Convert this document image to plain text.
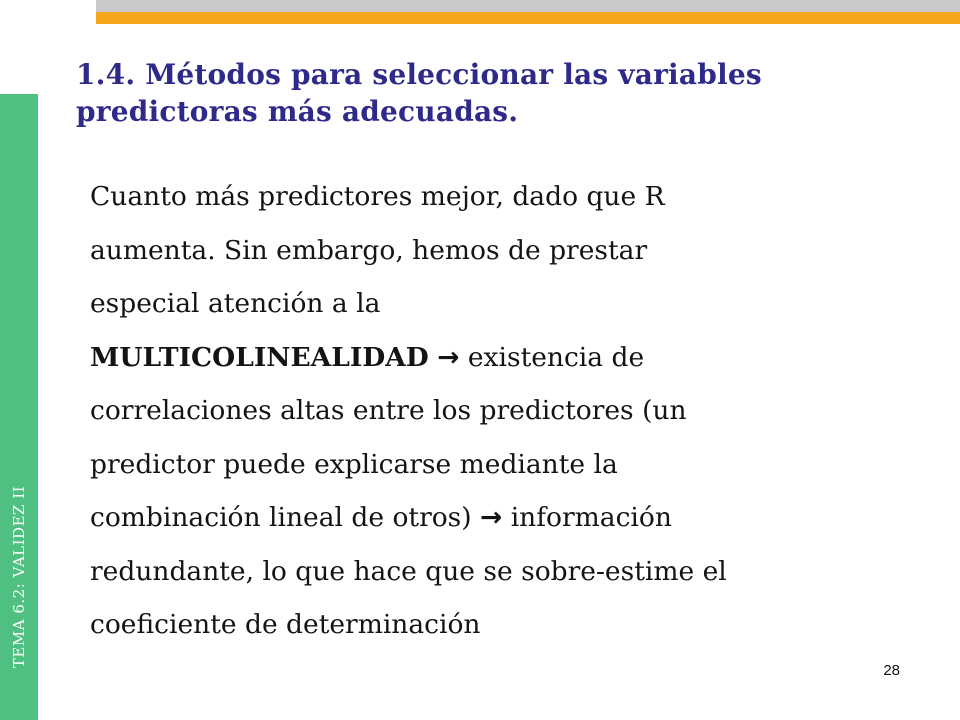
TEMA 6.2: VALIDEZ II
1.4. Métodos para seleccionar las variables
predictoras más adecuadas.

Cuanto más predictores mejor, dado que R

aumenta. Sin embargo, hemos de prestar

especial atención a la

MULTICOLINEALIDAD → existencia de

correlaciones altas entre los predictores (un

predictor puede explicarse mediante la

combinación lineal de otros) → información

redundante, lo que hace que se sobre-estime el

coeficiente de determinación

28
